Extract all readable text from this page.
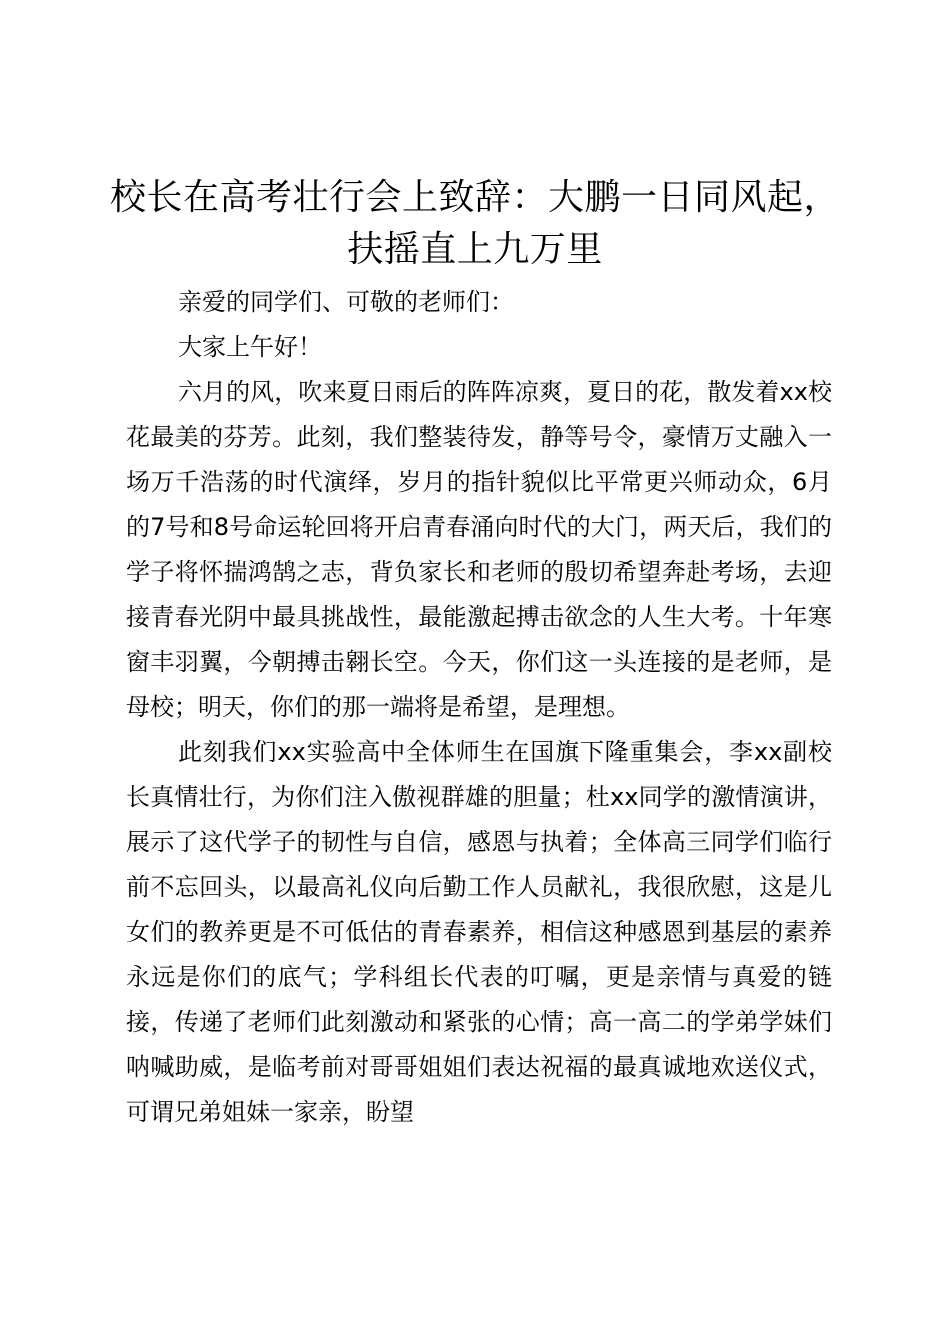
校长在高考壮行会上致辞：大鹏一日同风起，
扶摇直上九万里

亲爱的同学们、可敬的老师们：

大家上午好！

六月的风，吹来夏日雨后的阵阵凉爽，夏日的花，散发着xx校花最美的芬芳。此刻，我们整装待发，静等号令，豪情万丈融入一场万千浩荡的时代演绎，岁月的指针貌似比平常更兴师动众，6月的7号和8号命运轮回将开启青春涌向时代的大门，两天后，我们的学子将怀揣鸿鹄之志，背负家长和老师的殷切希望奔赴考场，去迎接青春光阴中最具挑战性，最能激起搏击欲念的人生大考。十年寒窗丰羽翼，今朝搏击翱长空。今天，你们这一头连接的是老师，是母校；明天，你们的那一端将是希望，是理想。

此刻我们xx实验高中全体师生在国旗下隆重集会，李xx副校长真情壮行，为你们注入傲视群雄的胆量；杜xx同学的激情演讲，展示了这代学子的韧性与自信，感恩与执着；全体高三同学们临行前不忘回头，以最高礼仪向后勤工作人员献礼，我很欣慰，这是儿女们的教养更是不可低估的青春素养，相信这种感恩到基层的素养永远是你们的底气；学科组长代表的叮嘱，更是亲情与真爱的链接，传递了老师们此刻激动和紧张的心情；高一高二的学弟学妹们呐喊助威，是临考前对哥哥姐姐们表达祝福的最真诚地欢送仪式，可谓兄弟姐妹一家亲，盼望
